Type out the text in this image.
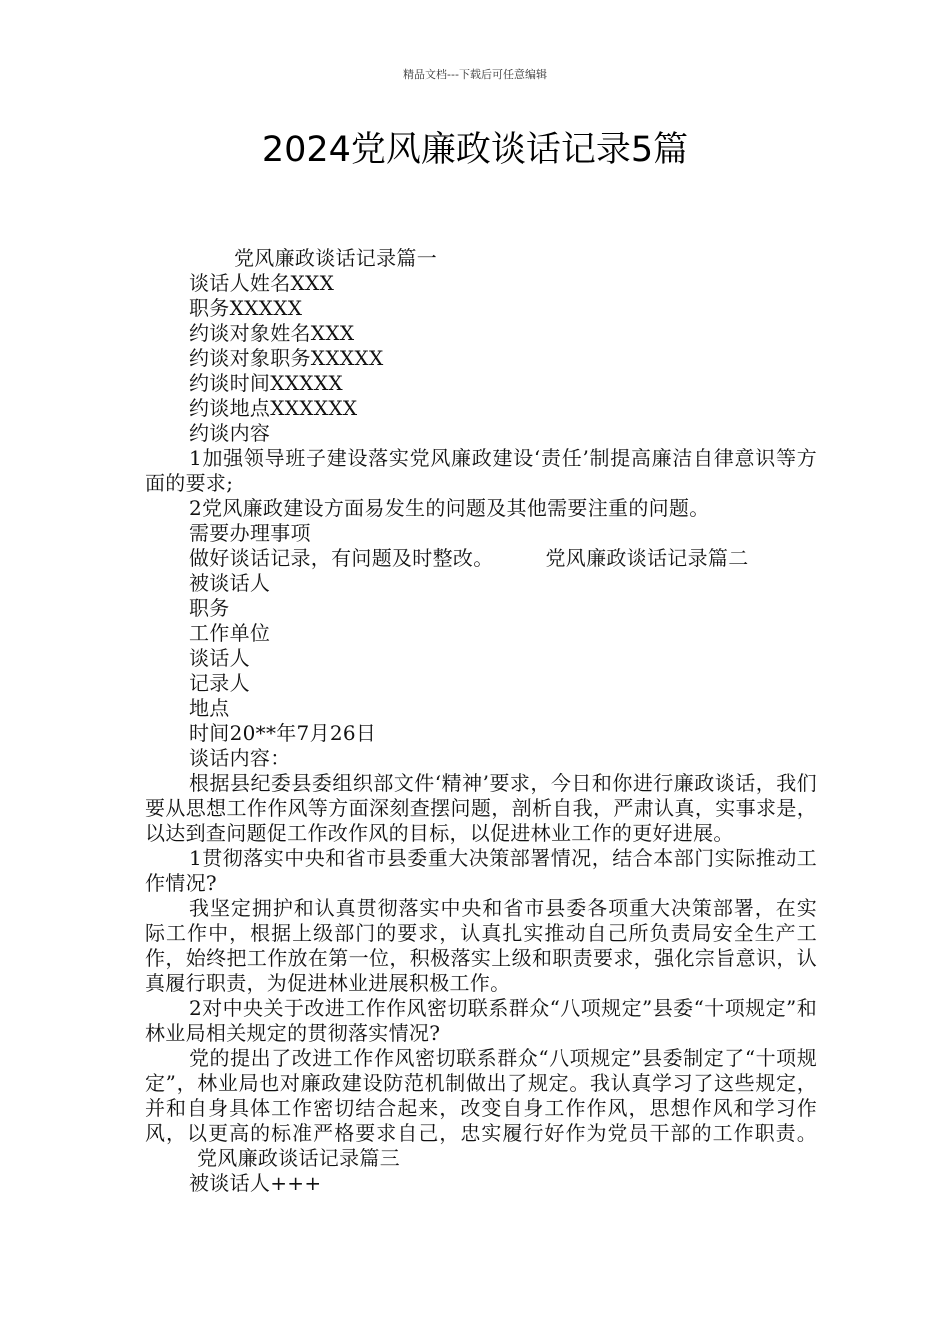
精品文档---下载后可任意编辑
2024党风廉政谈话记录5篇
党风廉政谈话记录篇一
谈话人姓名XXX
职务XXXXX
约谈对象姓名XXX
约谈对象职务XXXXX
约谈时间XXXXX
约谈地点XXXXXX
约谈内容
1加强领导班子建设落实党风廉政建设‘责任’制提高廉洁自律意识等方面的要求;
2党风廉政建设方面易发生的问题及其他需要注重的问题。
需要办理事项
做好谈话记录，有问题及时整改。	党风廉政谈话记录篇二
被谈话人
职务
工作单位
谈话人
记录人
地点
时间20**年7月26日
谈话内容：
根据县纪委县委组织部文件‘精神’要求，今日和你进行廉政谈话，我们要从思想工作作风等方面深刻查摆问题，剖析自我，严肃认真，实事求是，以达到查问题促工作改作风的目标，以促进林业工作的更好进展。
1贯彻落实中央和省市县委重大决策部署情况，结合本部门实际推动工作情况?
我坚定拥护和认真贯彻落实中央和省市县委各项重大决策部署，在实际工作中，根据上级部门的要求，认真扎实推动自己所负责局安全生产工作，始终把工作放在第一位，积极落实上级和职责要求，强化宗旨意识，认真履行职责，为促进林业进展积极工作。
2对中央关于改进工作作风密切联系群众“八项规定”县委“十项规定”和林业局相关规定的贯彻落实情况?
党的提出了改进工作作风密切联系群众“八项规定”县委制定了“十项规定”，林业局也对廉政建设防范机制做出了规定。我认真学习了这些规定，并和自身具体工作密切结合起来，改变自身工作作风，思想作风和学习作风，以更高的标准严格要求自己，忠实履行好作为党员干部的工作职责。党风廉政谈话记录篇三
被谈话人+++
